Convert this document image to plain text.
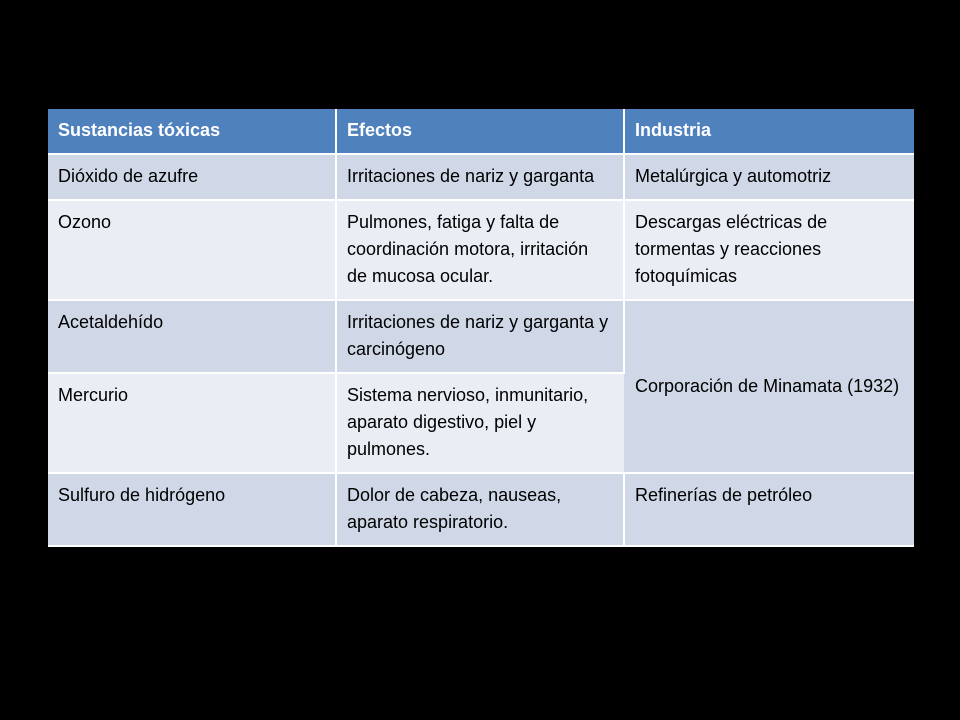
Sustancias tóxicas	Efectos	Industria
Dióxido de azufre	Irritaciones de nariz y garganta	Metalúrgica y automotriz
Ozono	Pulmones, fatiga y falta de coordinación motora, irritación de mucosa ocular.	Descargas eléctricas de tormentas y reacciones fotoquímicas
Acetaldehído	Irritaciones de nariz y garganta y carcinógeno	Corporación de Minamata (1932)
Mercurio	Sistema nervioso, inmunitario, aparato digestivo, piel y pulmones.	
Sulfuro de hidrógeno	Dolor de cabeza, nauseas, aparato respiratorio.	Refinerías de petróleo
